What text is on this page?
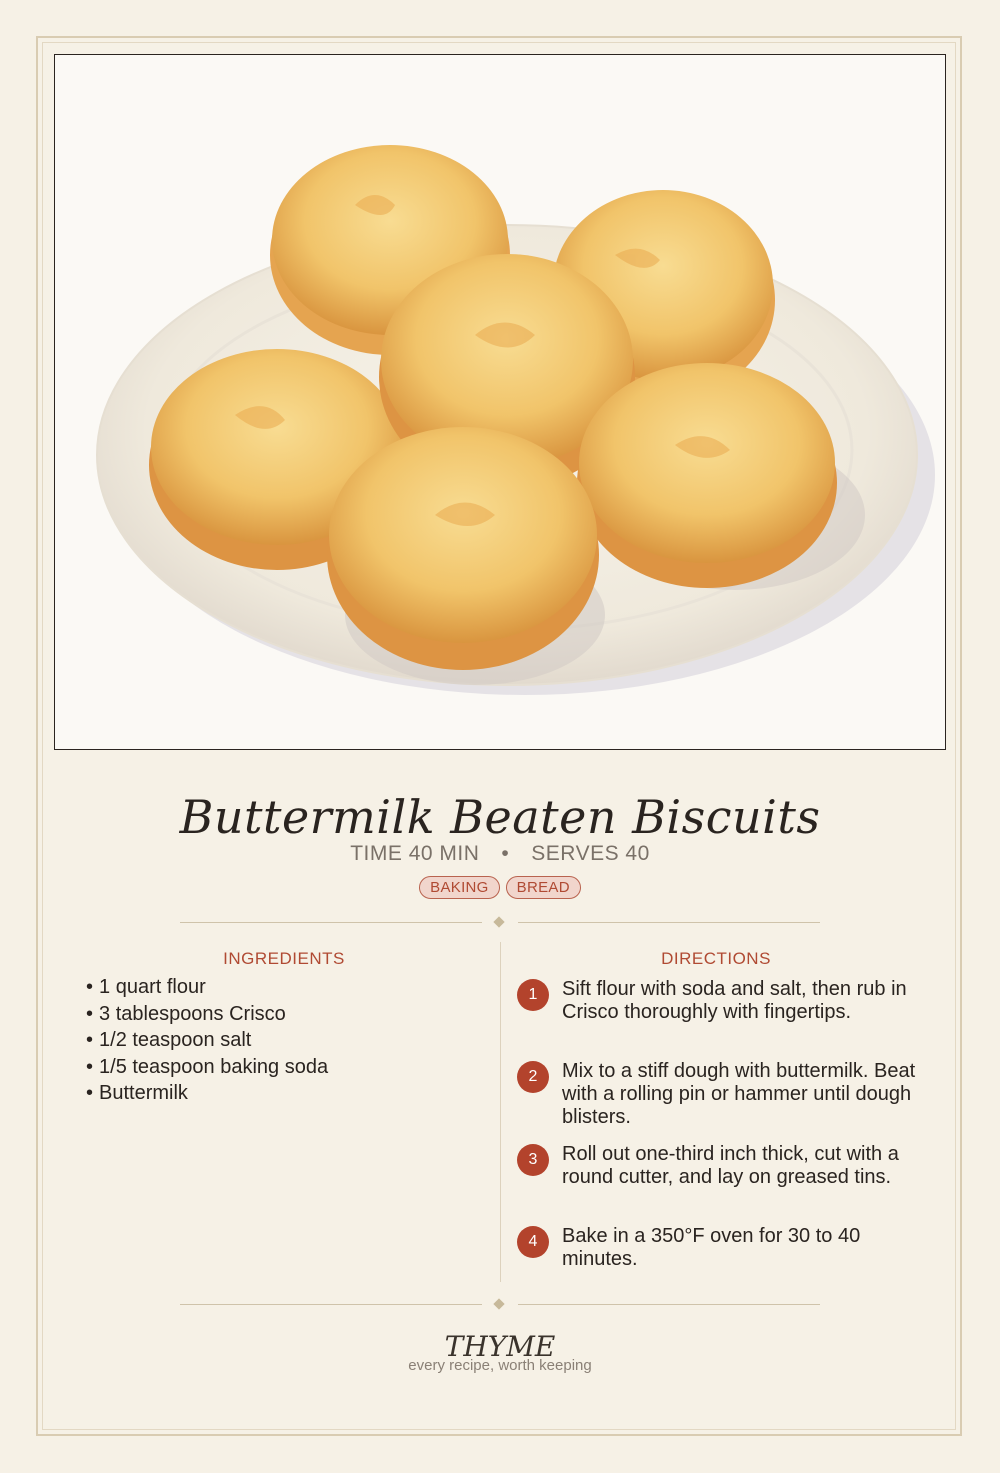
Buttermilk Beaten Biscuits
TIME 40 MIN • SERVES 40
BAKING BREAD
INGREDIENTS
• 1 quart flour
• 3 tablespoons Crisco
• 1/2 teaspoon salt
• 1/5 teaspoon baking soda
• Buttermilk
DIRECTIONS
1	Sift flour with soda and salt, then rub in Crisco thoroughly with fingertips.
2	Mix to a stiff dough with buttermilk. Beat with a rolling pin or hammer until dough blisters.
3	Roll out one-third inch thick, cut with a round cutter, and lay on greased tins.
4	Bake in a 350°F oven for 30 to 40 minutes.
THYME
every recipe, worth keeping
